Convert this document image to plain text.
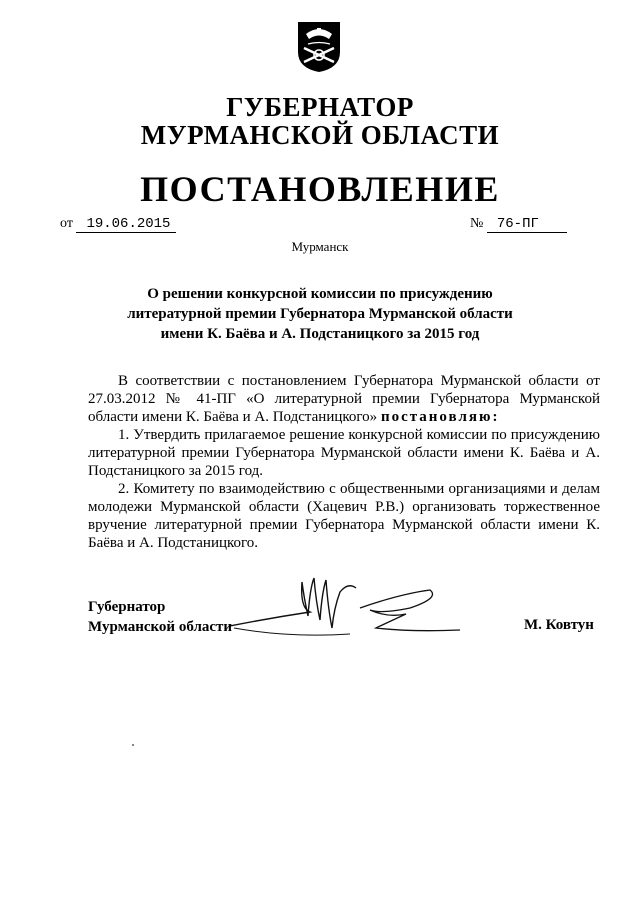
ГУБЕРНАТОР
МУРМАНСКОЙ ОБЛАСТИ
ПОСТАНОВЛЕНИЕ
от 19.06.2015	№ 76-ПГ
Мурманск
О решении конкурсной комиссии по присуждению
литературной премии Губернатора Мурманской области
имени К. Баёва и А. Подстаницкого за 2015 год

В соответствии с постановлением Губернатора Мурманской области от 27.03.2012 № 41-ПГ «О литературной премии Губернатора Мурманской области имени К. Баёва и А. Подстаницкого» постановляю:

1. Утвердить прилагаемое решение конкурсной комиссии по присуждению литературной премии Губернатора Мурманской области имени К. Баёва и А. Подстаницкого за 2015 год.

2. Комитету по взаимодействию с общественными организациями и делам молодежи Мурманской области (Хацевич Р.В.) организовать торжественное вручение литературной премии Губернатора Мурманской области имени К. Баёва и А. Подстаницкого.

Губернатор
Мурманской области	М. Ковтун
